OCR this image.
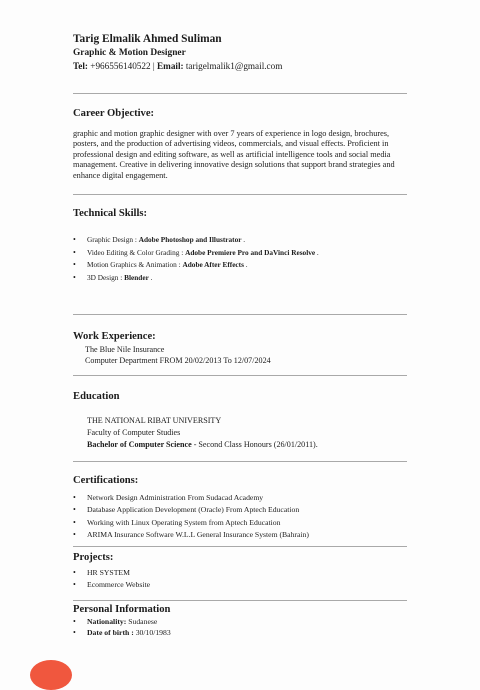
Tarig Elmalik Ahmed Suliman
Graphic & Motion Designer
Tel: +966556140522 | Email: tarigelmalik1@gmail.com
Career Objective:
graphic and motion graphic designer with over 7 years of experience in logo design, brochures, posters, and the production of advertising videos, commercials, and visual effects. Proficient in professional design and editing software, as well as artificial intelligence tools and social media management. Creative in delivering innovative design solutions that support brand strategies and enhance digital engagement.
Technical Skills:
• Graphic Design : Adobe Photoshop and Illustrator .
• Video Editing & Color Grading : Adobe Premiere Pro and DaVinci Resolve .
• Motion Graphics & Animation : Adobe After Effects .
• 3D Design : Blender .
Work Experience:
The Blue Nile Insurance
Computer Department FROM 20/02/2013 To 12/07/2024
Education
THE NATIONAL RIBAT UNIVERSITY
Faculty of Computer Studies
Bachelor of Computer Science - Second Class Honours (26/01/2011).
Certifications:
• Network Design Administration From Sudacad Academy
• Database Application Development (Oracle) From Aptech Education
• Working with Linux Operating System from Aptech Education
• ARIMA Insurance Software W.L.L General Insurance System (Bahrain)
Projects:
• HR SYSTEM
• Ecommerce Website
Personal Information
• Nationality: Sudanese
• Date of birth : 30/10/1983
